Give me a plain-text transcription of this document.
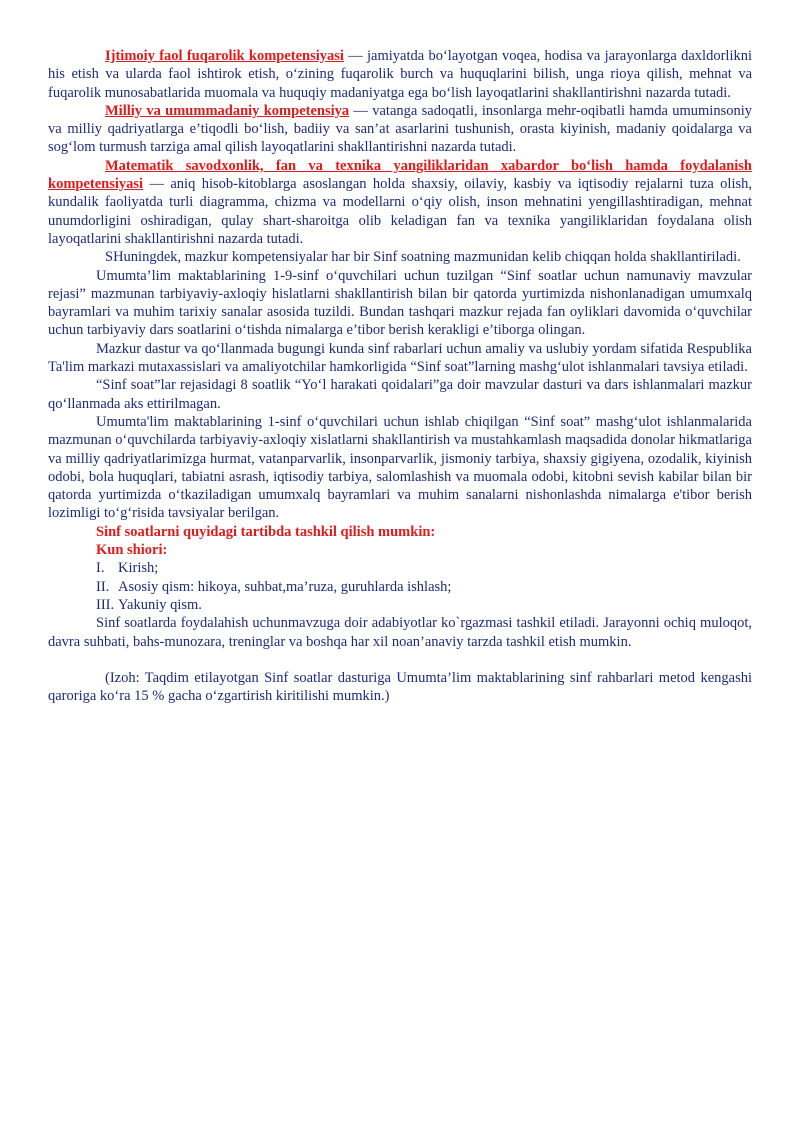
Ijtimoiy faol fuqarolik kompetensiyasi — jamiyatda bo‘layotgan voqea, hodisa va jarayonlarga daxldorlikni his etish va ularda faol ishtirok etish, o‘zining fuqarolik burch va huquqlarini bilish, unga rioya qilish, mehnat va fuqarolik munosabatlarida muomala va huquqiy madaniyatga ega bo‘lish layoqatlarini shakllantirishni nazarda tutadi.

Milliy va umummadaniy kompetensiya — vatanga sadoqatli, insonlarga mehr-oqibatli hamda umuminsoniy va milliy qadriyatlarga e’tiqodli bo‘lish, badiiy va san’at asarlarini tushunish, orasta kiyinish, madaniy qoidalarga va sog‘lom turmush tarziga amal qilish layoqatlarini shakllantirishni nazarda tutadi.

Matematik savodxonlik, fan va texnika yangiliklaridan xabardor bo‘lish hamda foydalanish kompetensiyasi — aniq hisob-kitoblarga asoslangan holda shaxsiy, oilaviy, kasbiy va iqtisodiy rejalarni tuza olish, kundalik faoliyatda turli diagramma, chizma va modellarni o‘qiy olish, inson mehnatini yengillashtiradigan, mehnat unumdorligini oshiradigan, qulay shart-sharoitga olib keladigan fan va texnika yangiliklaridan foydalana olish layoqatlarini shakllantirishni nazarda tutadi.

SHuningdek, mazkur kompetensiyalar har bir Sinf soatning mazmunidan kelib chiqqan holda shakllantiriladi.

Umumta’lim maktablarining 1-9-sinf o‘quvchilari uchun tuzilgan “Sinf soatlar uchun namunaviy mavzular rejasi” mazmunan tarbiyaviy-axloqiy hislatlarni shakllantirish bilan bir qatorda yurtimizda nishonlanadigan umumxalq bayramlari va muhim tarixiy sanalar asosida tuzildi. Bundan tashqari mazkur rejada fan oyliklari davomida o‘quvchilar uchun tarbiyaviy dars soatlarini o‘tishda nimalarga e’tibor berish kerakligi e’tiborga olingan.

Mazkur dastur va qo‘llanmada bugungi kunda sinf rabarlari uchun amaliy va uslubiy yordam sifatida Respublika Ta'lim markazi mutaxassislari va amaliyotchilar hamkorligida “Sinf soat”larning mashg‘ulot ishlanmalari tavsiya etiladi.

“Sinf soat”lar rejasidagi 8 soatlik “Yo‘l harakati qoidalari”ga doir mavzular dasturi va dars ishlanmalari mazkur qo‘llanmada aks ettirilmagan.

Umumta'lim maktablarining 1-sinf o‘quvchilari uchun ishlab chiqilgan “Sinf soat” mashg‘ulot ishlanmalarida mazmunan o‘quvchilarda tarbiyaviy-axloqiy xislatlarni shakllantirish va mustahkamlash maqsadida donolar hikmatlariga va milliy qadriyatlarimizga hurmat, vatanparvarlik, insonparvarlik, jismoniy tarbiya, shaxsiy gigiyena, ozodalik, kiyinish odobi, bola huquqlari, tabiatni asrash, iqtisodiy tarbiya, salomlashish va muomala odobi, kitobni sevish kabilar bilan bir qatorda yurtimizda o‘tkaziladigan umumxalq bayramlari va muhim sanalarni nishonlashda nimalarga e'tibor berish lozimligi to‘g‘risida tavsiyalar berilgan.

Sinf soatlarni quyidagi tartibda tashkil qilish mumkin:

Kun shiori:

I. Kirish;

II. Asosiy qism: hikoya, suhbat,ma’ruza, guruhlarda ishlash;

III. Yakuniy qism.

Sinf soatlarda foydalahish uchunmavzuga doir adabiyotlar ko`rgazmasi tashkil etiladi. Jarayonni ochiq muloqot, davra suhbati, bahs-munozara, treninglar va boshqa har xil noan’anaviy tarzda tashkil etish mumkin.

(Izoh: Taqdim etilayotgan Sinf soatlar dasturiga Umumta’lim maktablarining sinf rahbarlari metod kengashi qaroriga ko‘ra 15 % gacha o‘zgartirish kiritilishi mumkin.)
